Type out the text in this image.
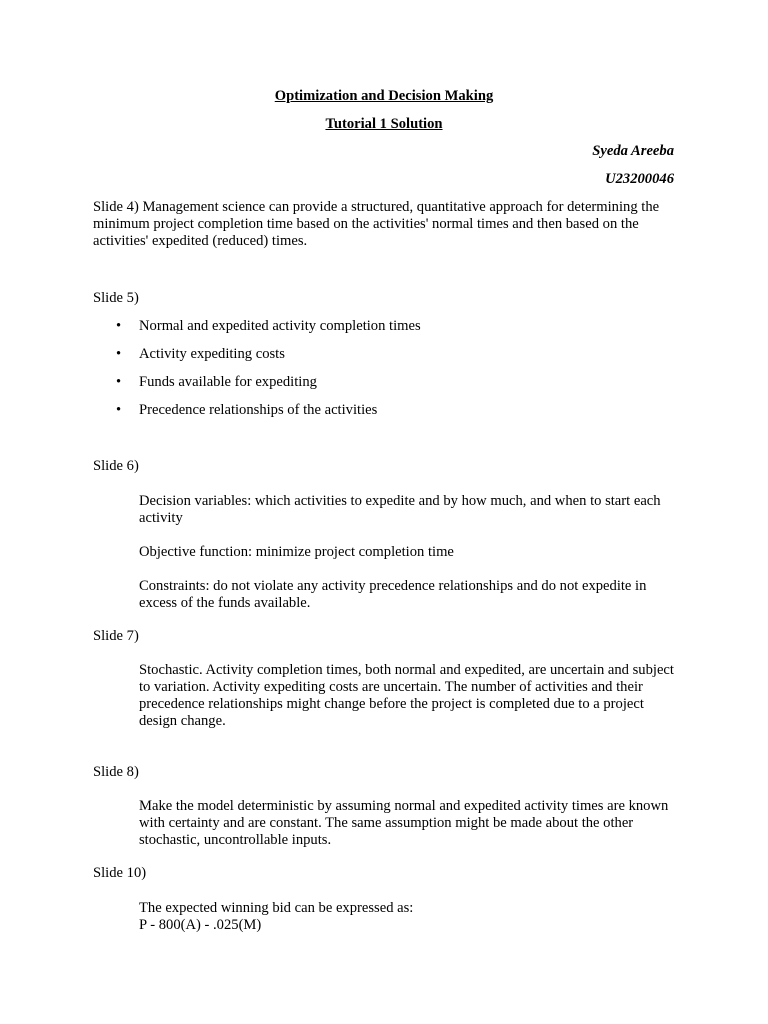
Optimization and Decision Making

Tutorial 1 Solution

Syeda Areeba

U23200046

Slide 4) Management science can provide a structured, quantitative approach for determining the minimum project completion time based on the activities' normal times and then based on the activities' expedited (reduced) times.

Slide 5)

• Normal and expedited activity completion times
• Activity expediting costs
• Funds available for expediting
• Precedence relationships of the activities

Slide 6)

Decision variables: which activities to expedite and by how much, and when to start each activity

Objective function: minimize project completion time

Constraints: do not violate any activity precedence relationships and do not expedite in excess of the funds available.

Slide 7)

Stochastic. Activity completion times, both normal and expedited, are uncertain and subject to variation. Activity expediting costs are uncertain. The number of activities and their precedence relationships might change before the project is completed due to a project design change.

Slide 8)

Make the model deterministic by assuming normal and expedited activity times are known with certainty and are constant. The same assumption might be made about the other stochastic, uncontrollable inputs.

Slide 10)

The expected winning bid can be expressed as:

P - 800(A) - .025(M)
